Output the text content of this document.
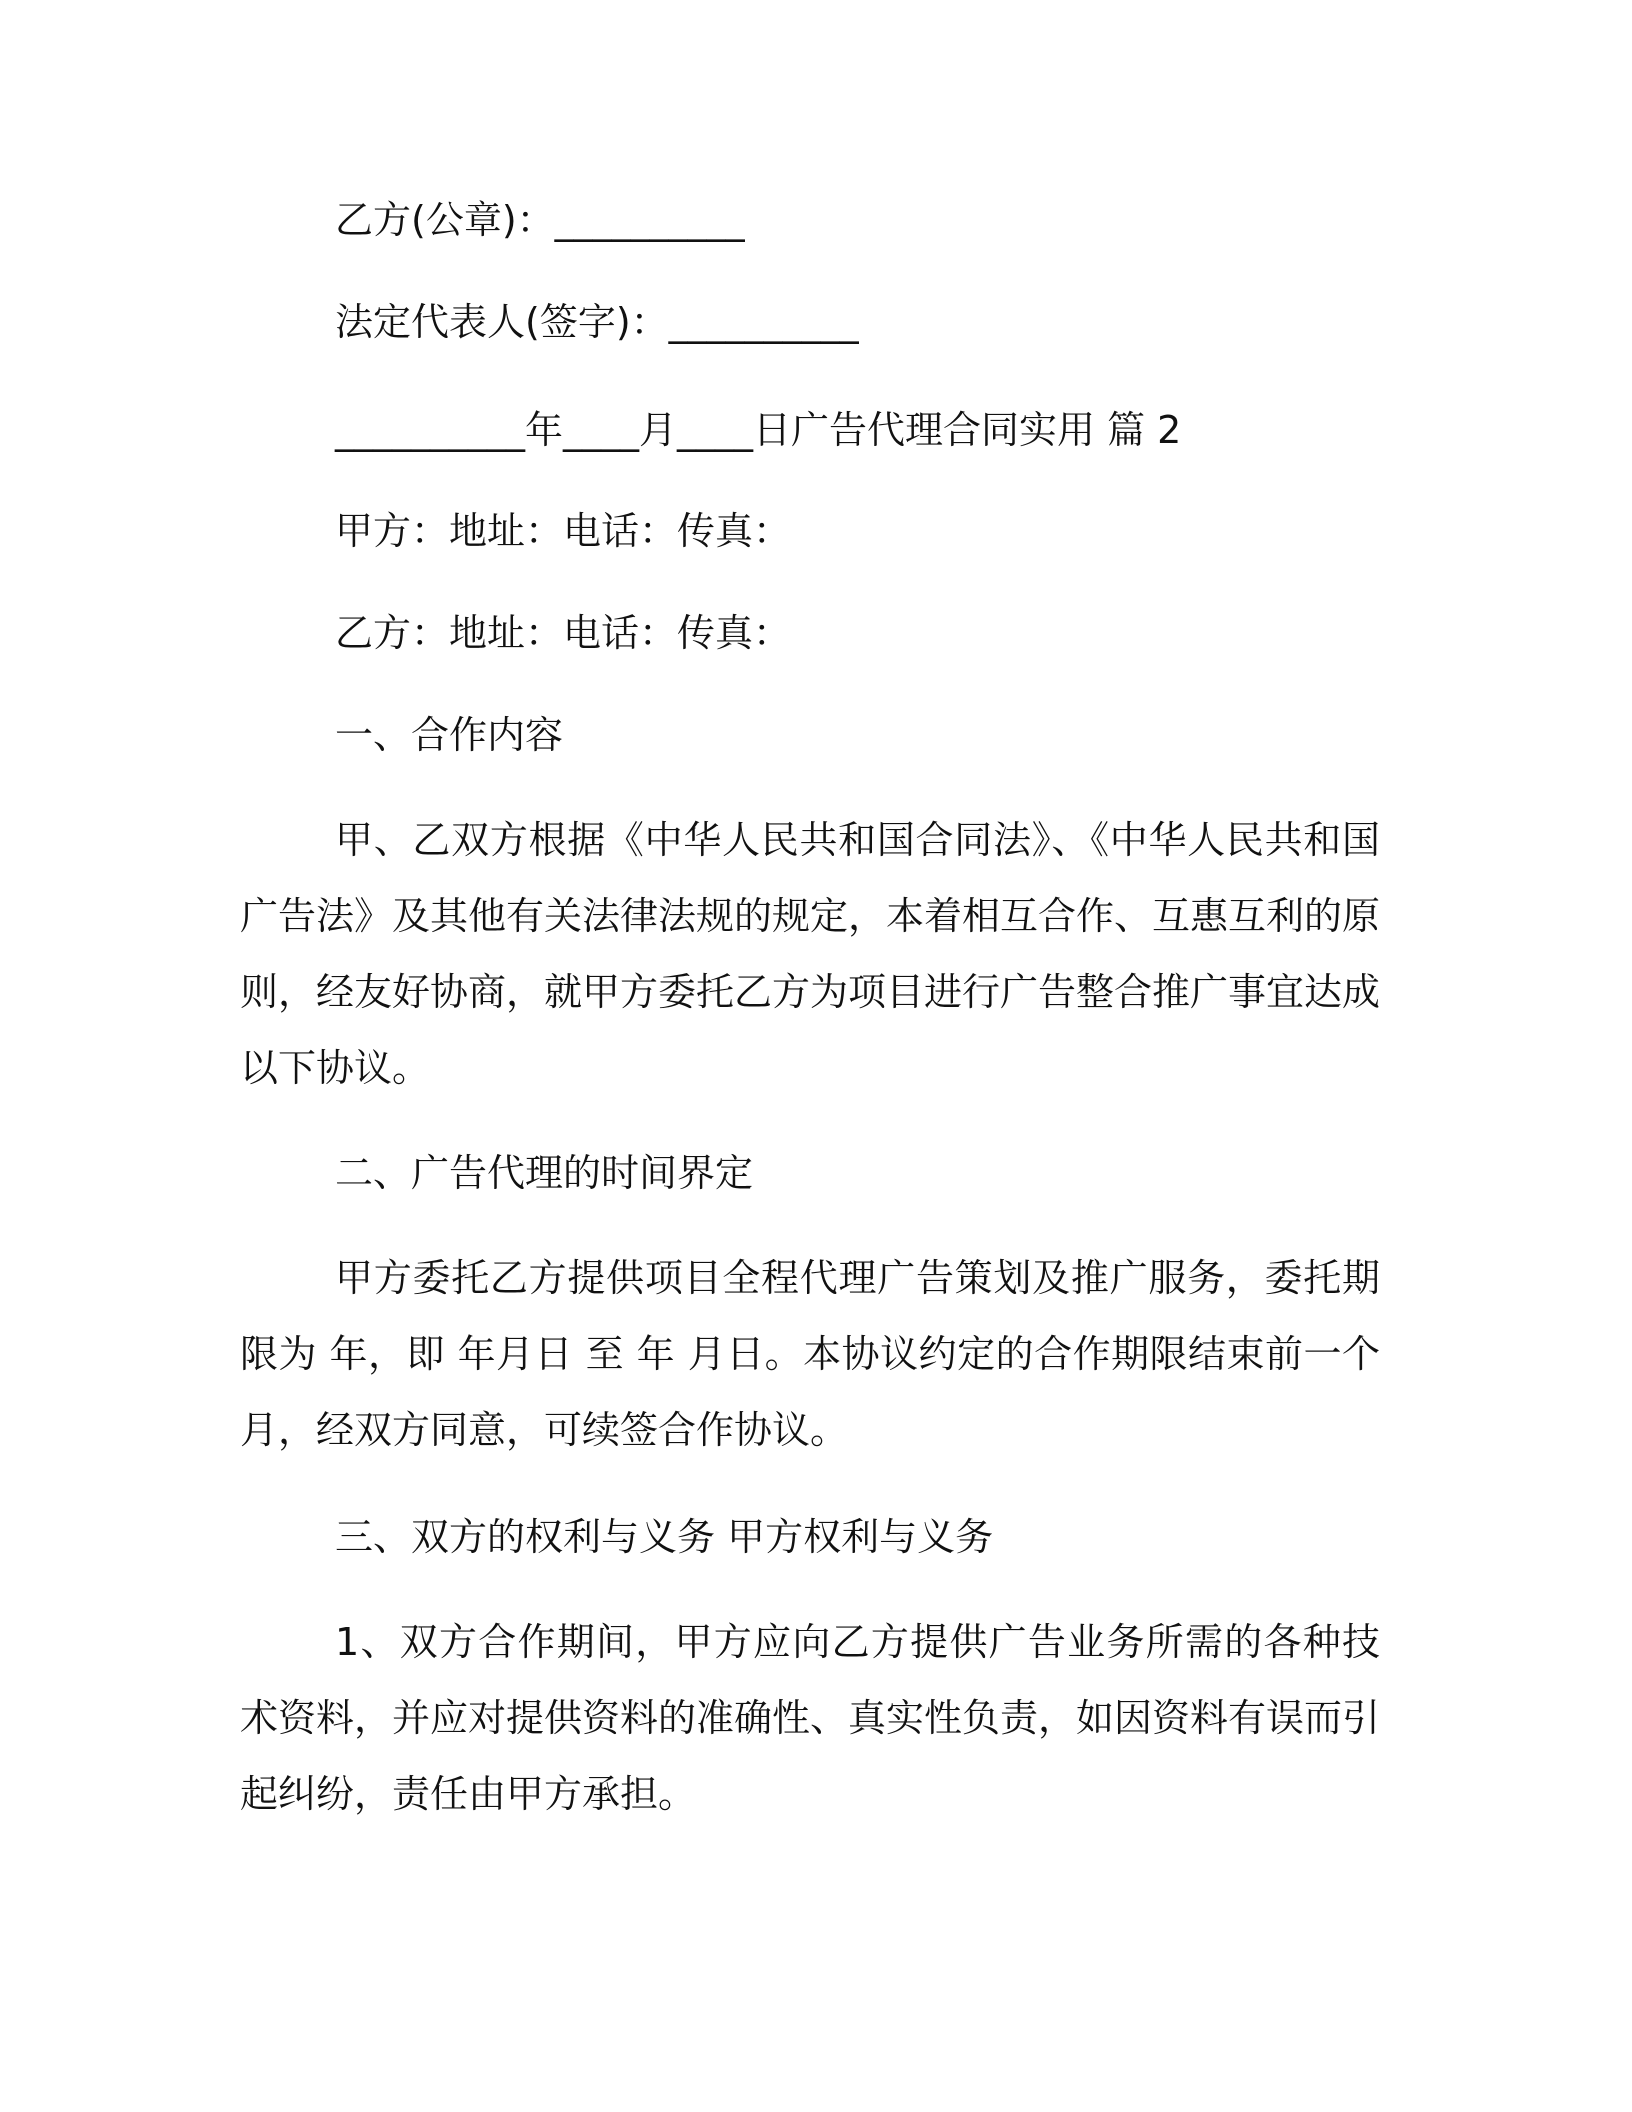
乙方(公章)：__________
法定代表人(签字)：__________
__________年____月____日广告代理合同实用 篇 2
甲方：地址：电话：传真：
乙方：地址：电话：传真：
一、合作内容
甲、乙双方根据《中华人民共和国合同法》、《中华人民共和国广告法》及其他有关法律法规的规定，本着相互合作、互惠互利的原则，经友好协商，就甲方委托乙方为项目进行广告整合推广事宜达成以下协议。
二、广告代理的时间界定
甲方委托乙方提供项目全程代理广告策划及推广服务，委托期限为 年，即 年月日 至 年 月日。本协议约定的合作期限结束前一个月，经双方同意，可续签合作协议。
三、双方的权利与义务 甲方权利与义务
1、双方合作期间，甲方应向乙方提供广告业务所需的各种技术资料，并应对提供资料的准确性、真实性负责，如因资料有误而引起纠纷，责任由甲方承担。
